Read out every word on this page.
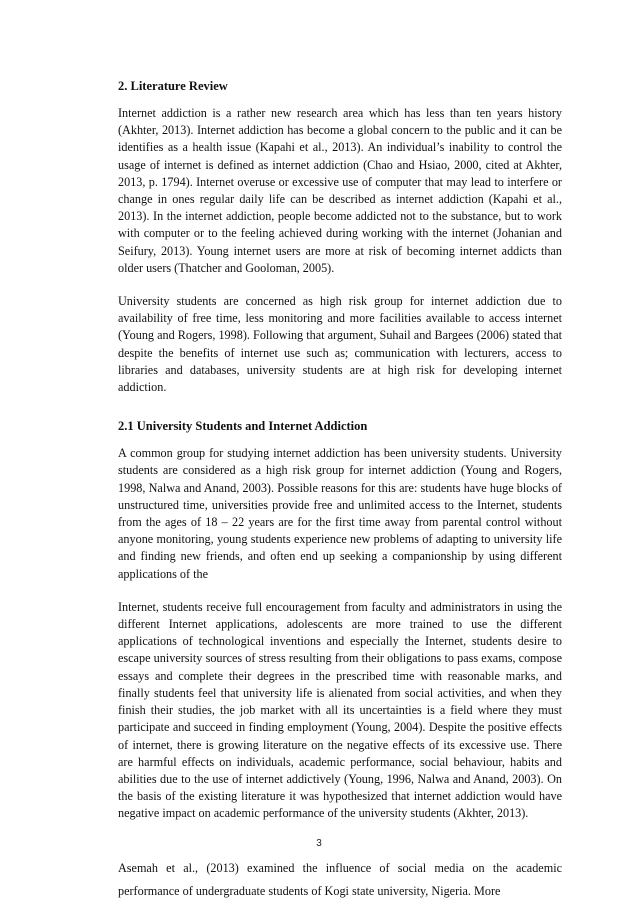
2. Literature Review

Internet addiction is a rather new research area which has less than ten years history (Akhter, 2013). Internet addiction has become a global concern to the public and it can be identifies as a health issue (Kapahi et al., 2013). An individual’s inability to control the usage of internet is defined as internet addiction (Chao and Hsiao, 2000, cited at Akhter, 2013, p. 1794). Internet overuse or excessive use of computer that may lead to interfere or change in ones regular daily life can be described as internet addiction (Kapahi et al., 2013). In the internet addiction, people become addicted not to the substance, but to work with computer or to the feeling achieved during working with the internet (Johanian and Seifury, 2013). Young internet users are more at risk of becoming internet addicts than older users (Thatcher and Gooloman, 2005).

University students are concerned as high risk group for internet addiction due to availability of free time, less monitoring and more facilities available to access internet (Young and Rogers, 1998). Following that argument, Suhail and Bargees (2006) stated that despite the benefits of internet use such as; communication with lecturers, access to libraries and databases, university students are at high risk for developing internet addiction.

2.1 University Students and Internet Addiction

A common group for studying internet addiction has been university students. University students are considered as a high risk group for internet addiction (Young and Rogers, 1998, Nalwa and Anand, 2003). Possible reasons for this are: students have huge blocks of unstructured time, universities provide free and unlimited access to the Internet, students from the ages of 18 – 22 years are for the first time away from parental control without anyone monitoring, young students experience new problems of adapting to university life and finding new friends, and often end up seeking a companionship by using different applications of the

Internet, students receive full encouragement from faculty and administrators in using the different Internet applications, adolescents are more trained to use the different applications of technological inventions and especially the Internet, students desire to escape university sources of stress resulting from their obligations to pass exams, compose essays and complete their degrees in the prescribed time with reasonable marks, and finally students feel that university life is alienated from social activities, and when they finish their studies, the job market with all its uncertainties is a field where they must participate and succeed in finding employment (Young, 2004). Despite the positive effects of internet, there is growing literature on the negative effects of its excessive use. There are harmful effects on individuals, academic performance, social behaviour, habits and abilities due to the use of internet addictively (Young, 1996, Nalwa and Anand, 2003). On the basis of the existing literature it was hypothesized that internet addiction would have negative impact on academic performance of the university students (Akhter, 2013).

Asemah et al., (2013) examined the influence of social media on the academic performance of undergraduate students of Kogi state university, Nigeria. More

3
